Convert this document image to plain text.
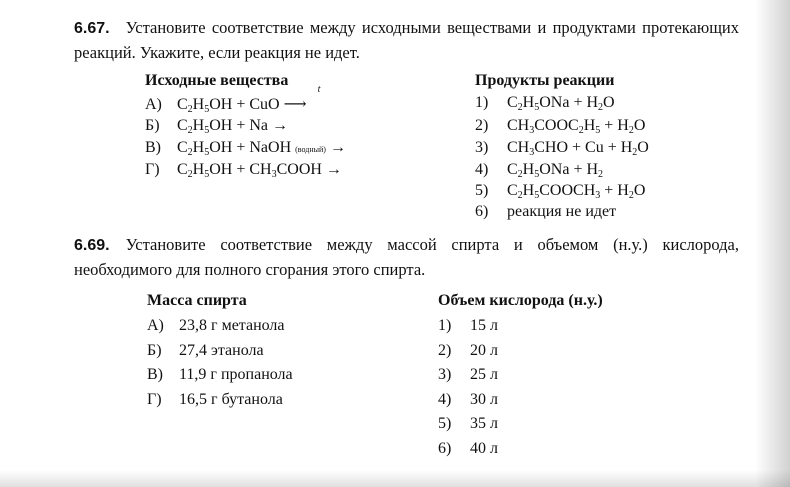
6.67. Установите соответствие между исходными веществами и продуктами протекающих реакций. Укажите, если реакция не идет.
Исходные вещества	Продукты реакции
А) $C_2H_5OH$ + CuO
t
⟶
Б) $C_2H_5OH + Na$ →
В) $C_2H_5OH$ + NaOH (водный) →
Г) $C_2H_5OH$ + $CH_3COOH$ →
1) $C_2H_5ONa + H_2O$
2) $CH_3COOC_2H_5 + H_2O$
3) $CH_3CHO + Cu + H_2O$
4) $C_2H_5ONa + H_2$
5) $C_2H_5COOCH_3 + H_2O$
6) реакция не идет
6.69. Установите соответствие между массой спирта и объемом (н.у.) кислорода, необходимого для полного сгорания этого спирта.
Масса спирта	Объем кислорода (н.у.)
А) 23,8 г метанола
Б) 27,4 этанола
В) 11,9 г пропанола
Г) 16,5 г бутанола
1) 15 л
2) 20 л
3) 25 л
4) 30 л
5) 35 л
6) 40 л
